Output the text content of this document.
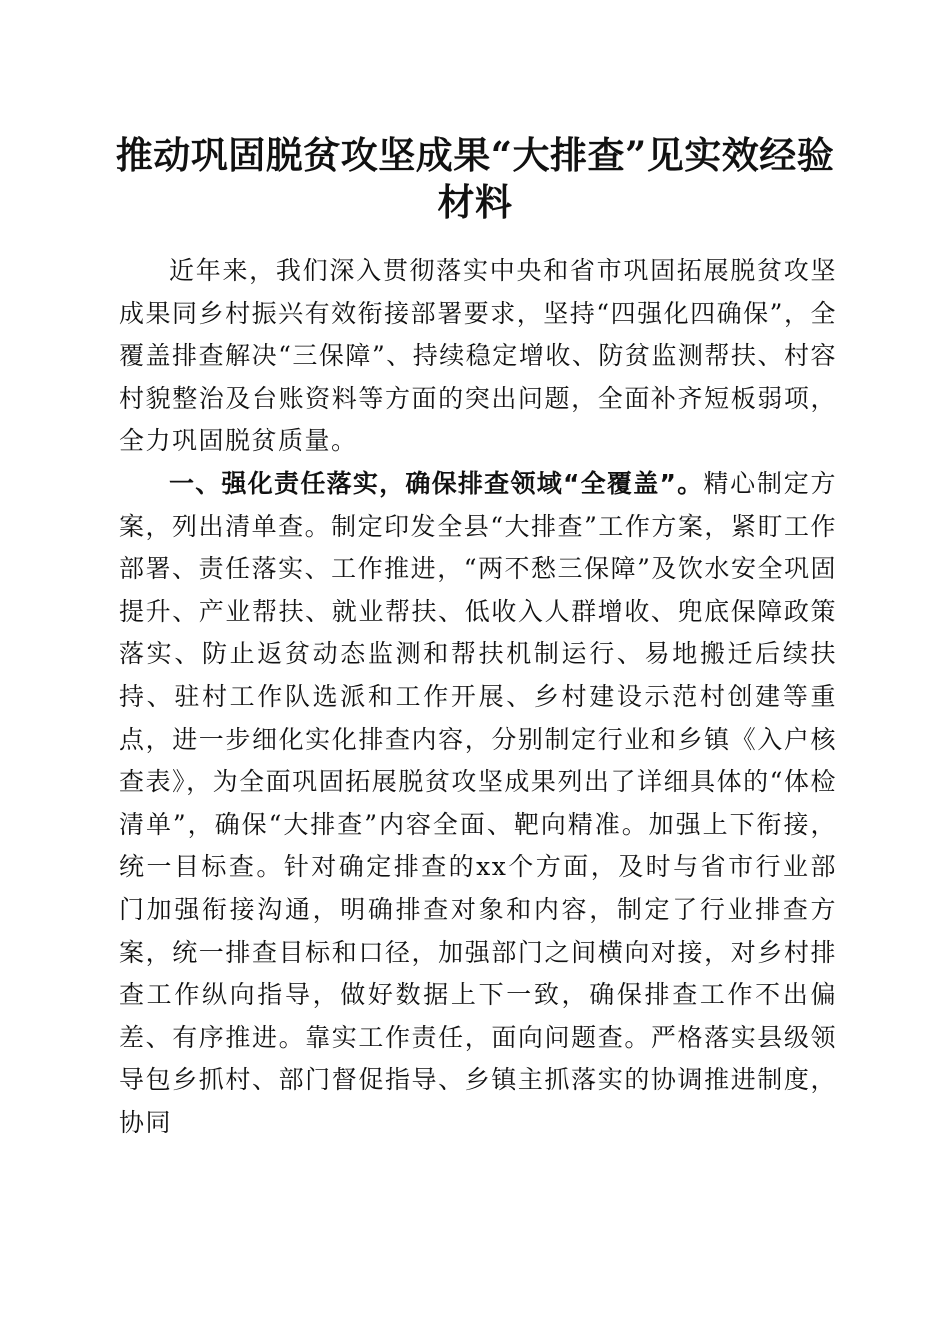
推动巩固脱贫攻坚成果“大排查”见实效经验材料

近年来，我们深入贯彻落实中央和省市巩固拓展脱贫攻坚成果同乡村振兴有效衔接部署要求，坚持“四强化四确保”，全覆盖排查解决“三保障”、持续稳定增收、防贫监测帮扶、村容村貌整治及台账资料等方面的突出问题，全面补齐短板弱项，全力巩固脱贫质量。

一、强化责任落实，确保排查领域“全覆盖”。精心制定方案，列出清单查。制定印发全县“大排查”工作方案，紧盯工作部署、责任落实、工作推进，“两不愁三保障”及饮水安全巩固提升、产业帮扶、就业帮扶、低收入人群增收、兜底保障政策落实、防止返贫动态监测和帮扶机制运行、易地搬迁后续扶持、驻村工作队选派和工作开展、乡村建设示范村创建等重点，进一步细化实化排查内容，分别制定行业和乡镇《入户核查表》，为全面巩固拓展脱贫攻坚成果列出了详细具体的“体检清单”，确保“大排查”内容全面、靶向精准。加强上下衔接，统一目标查。针对确定排查的xx个方面，及时与省市行业部门加强衔接沟通，明确排查对象和内容，制定了行业排查方案，统一排查目标和口径，加强部门之间横向对接，对乡村排查工作纵向指导，做好数据上下一致，确保排查工作不出偏差、有序推进。靠实工作责任，面向问题查。严格落实县级领导包乡抓村、部门督促指导、乡镇主抓落实的协调推进制度，协同
